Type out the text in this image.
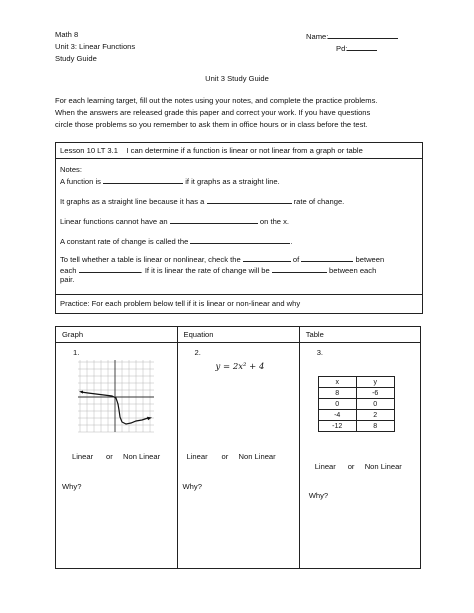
Math 8
Unit 3: Linear Functions
Study Guide
Name:
Pd:
Unit 3 Study Guide
For each learning target, fill out the notes using your notes, and complete the practice problems.
When the answers are released grade this paper and correct your work. If you have questions
circle those problems so you remember to ask them in office hours or in class before the test.
Lesson 10 LT 3.1 I can determine if a function is linear or not linear from a graph or table
Notes:
A function is	if it graphs as a straight line.
It graphs as a straight line because it has a	rate of change.
Linear functions cannot have an	on the x.
A constant rate of change is called the	.
To tell whether a table is linear or nonlinear, check the	of	between
each	. If it is linear the rate of change will be	between each
pair.
Practice: For each problem below tell if it is linear or non-linear and why
Graph	Equation	Table

1.
Linear or Non Linear
Why?

2.
y = 2x² + 4
Linear or Non Linear
Why?

3.
x	y
8	-6
0	0
-4	2
-12	8
Linear or Non Linear
Why?
